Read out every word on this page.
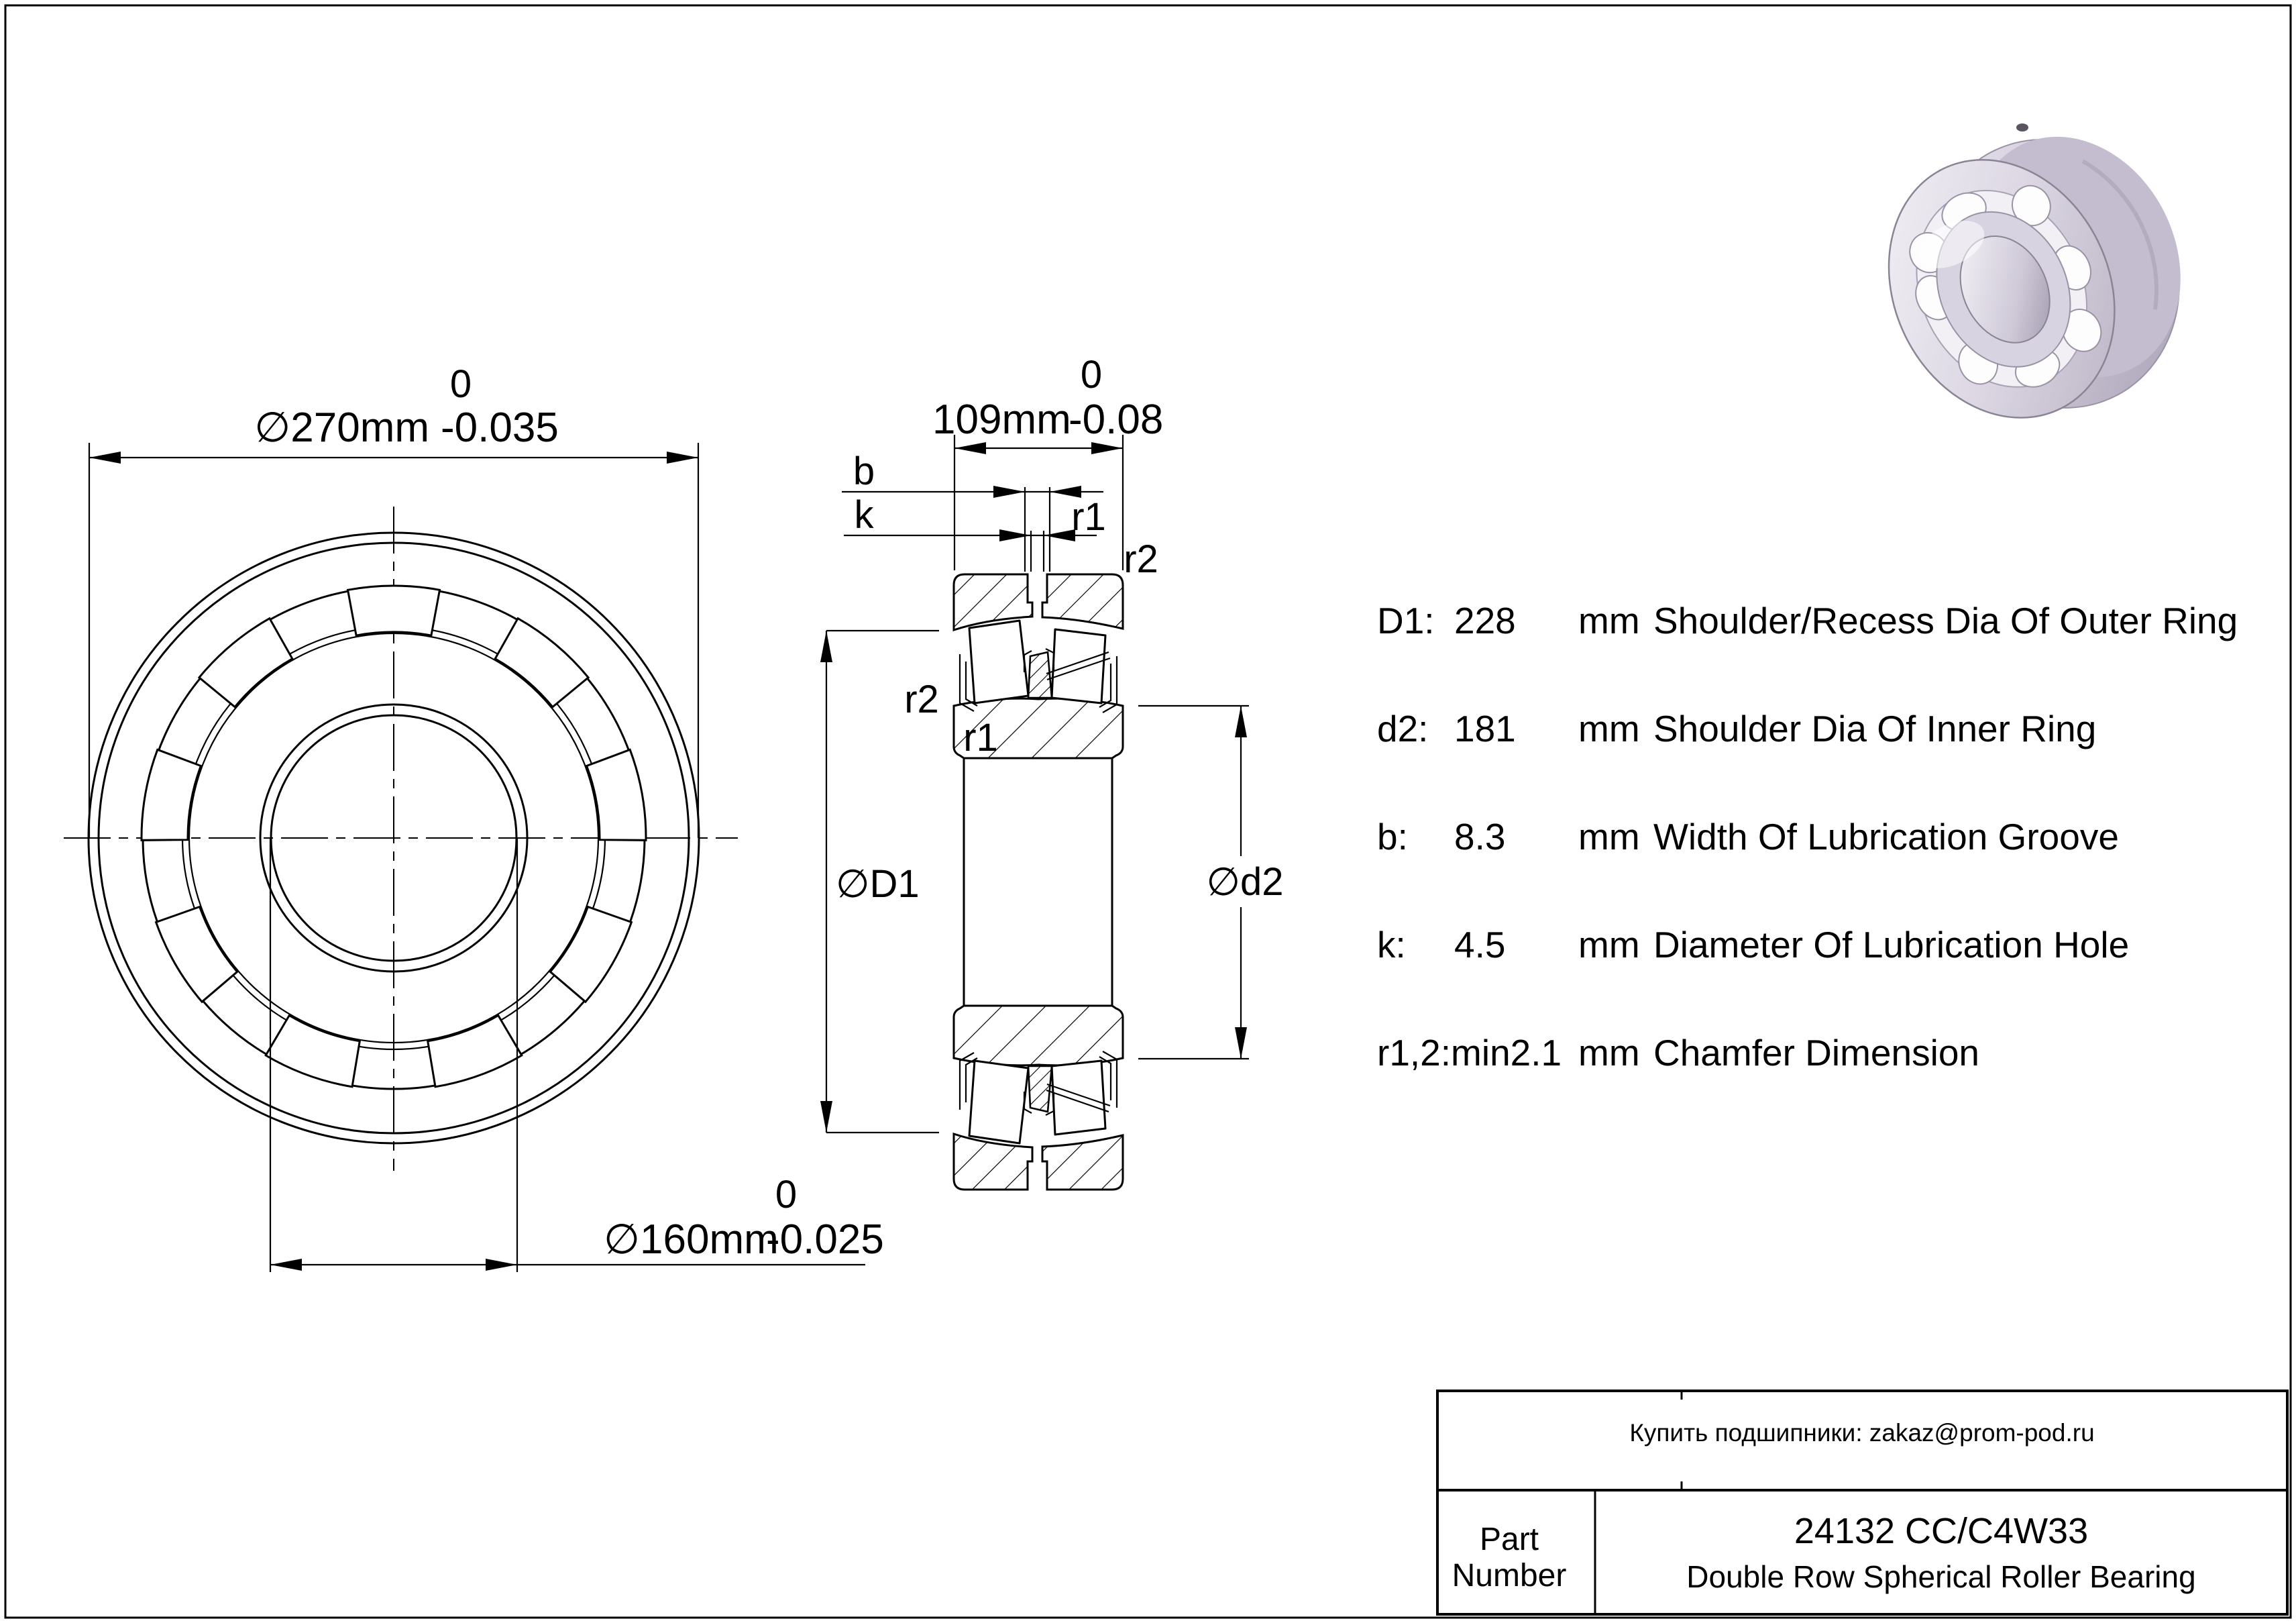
∅270mm -0.035
0
∅160mm
-0.025
0
109mm
-0.08
0
b
k	r1
r2
r2
r1
∅D1	∅d2
D1: 228 mm Shoulder/Recess Dia Of Outer Ring
d2: 181 mm Shoulder Dia Of Inner Ring
b: 8.3 mm Width Of Lubrication Groove
k: 4.5 mm Diameter Of Lubrication Hole
r1,2:min2.1 mm Chamfer Dimension
Купить подшипники: zakaz@prom-pod.ru
Part
Number
24132 CC/C4W33
Double Row Spherical Roller Bearing
